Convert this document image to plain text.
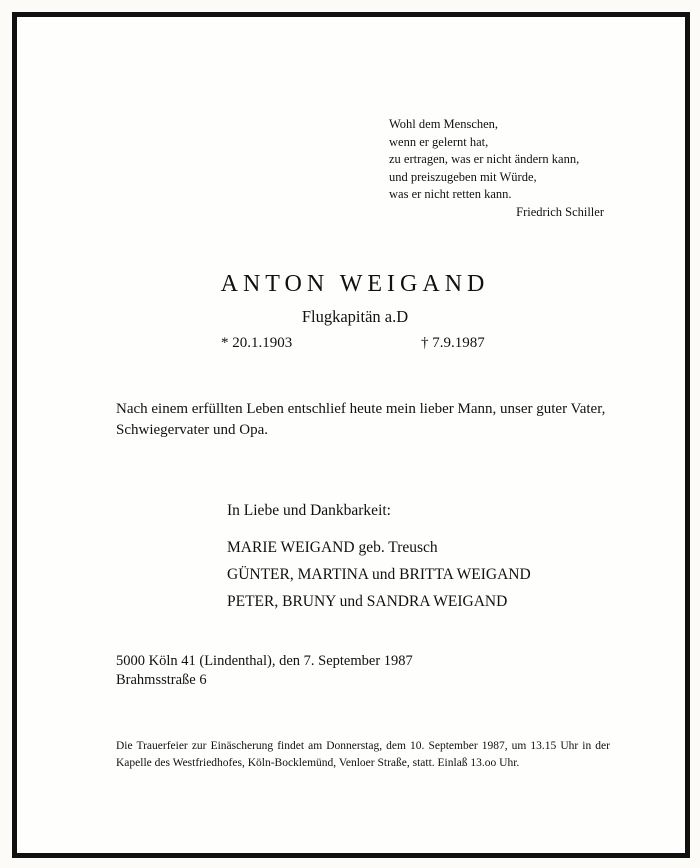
Wohl dem Menschen,
wenn er gelernt hat,
zu ertragen, was er nicht ändern kann,
und preiszugeben mit Würde,
was er nicht retten kann.
Friedrich Schiller
ANTON WEIGAND
Flugkapitän a.D
* 20.1.1903	† 7.9.1987
Nach einem erfüllten Leben entschlief heute mein lieber Mann, unser guter Vater, Schwiegervater und Opa.
In Liebe und Dankbarkeit:
MARIE WEIGAND geb. Treusch
GÜNTER, MARTINA und BRITTA WEIGAND
PETER, BRUNY und SANDRA WEIGAND
5000 Köln 41 (Lindenthal), den 7. September 1987
Brahmsstraße 6
Die Trauerfeier zur Einäscherung findet am Donnerstag, dem 10. September 1987, um 13.15 Uhr in der Kapelle des Westfriedhofes, Köln-Bocklemünd, Venloer Straße, statt. Einlaß 13.oo Uhr.
